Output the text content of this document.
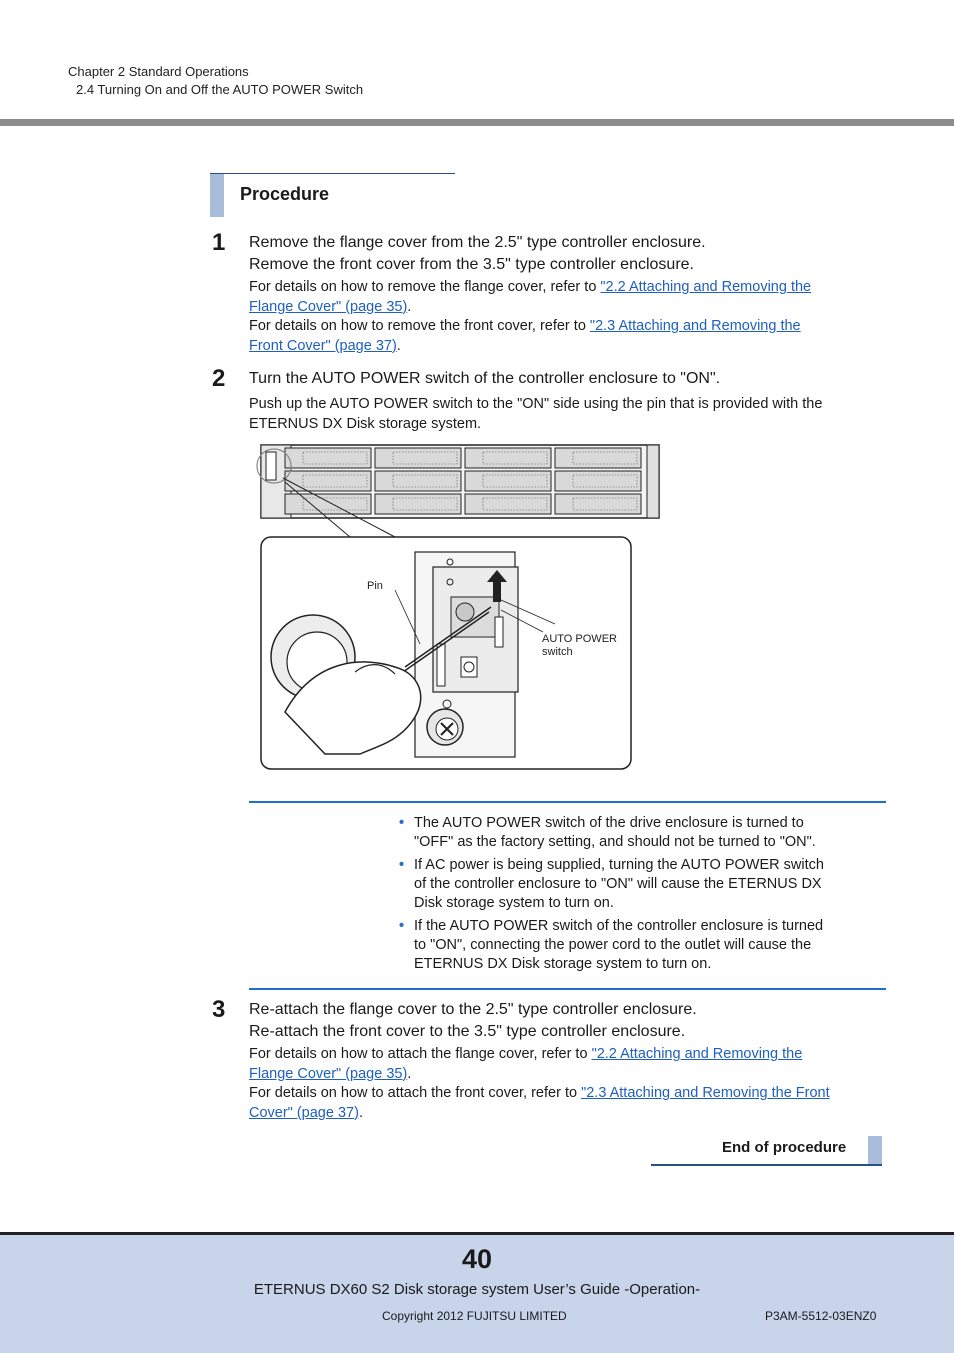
Chapter 2 Standard Operations
2.4 Turning On and Off the AUTO POWER Switch
Procedure
1 Remove the flange cover from the 2.5" type controller enclosure.
Remove the front cover from the 3.5" type controller enclosure.
For details on how to remove the flange cover, refer to "2.2 Attaching and Removing the
Flange Cover" (page 35).
For details on how to remove the front cover, refer to "2.3 Attaching and Removing the
Front Cover" (page 37).
2 Turn the AUTO POWER switch of the controller enclosure to "ON".
Push up the AUTO POWER switch to the "ON" side using the pin that is provided with the
ETERNUS DX Disk storage system.
Pin
AUTO POWER
switch
• The AUTO POWER switch of the drive enclosure is turned to
"OFF" as the factory setting, and should not be turned to "ON".
• If AC power is being supplied, turning the AUTO POWER switch
of the controller enclosure to "ON" will cause the ETERNUS DX
Disk storage system to turn on.
• If the AUTO POWER switch of the controller enclosure is turned
to "ON", connecting the power cord to the outlet will cause the
ETERNUS DX Disk storage system to turn on.
3 Re-attach the flange cover to the 2.5" type controller enclosure.
Re-attach the front cover to the 3.5" type controller enclosure.
For details on how to attach the flange cover, refer to "2.2 Attaching and Removing the
Flange Cover" (page 35).
For details on how to attach the front cover, refer to "2.3 Attaching and Removing the Front
Cover" (page 37).
End of procedure
40
ETERNUS DX60 S2 Disk storage system User’s Guide -Operation-
Copyright 2012 FUJITSU LIMITED	P3AM-5512-03ENZ0
